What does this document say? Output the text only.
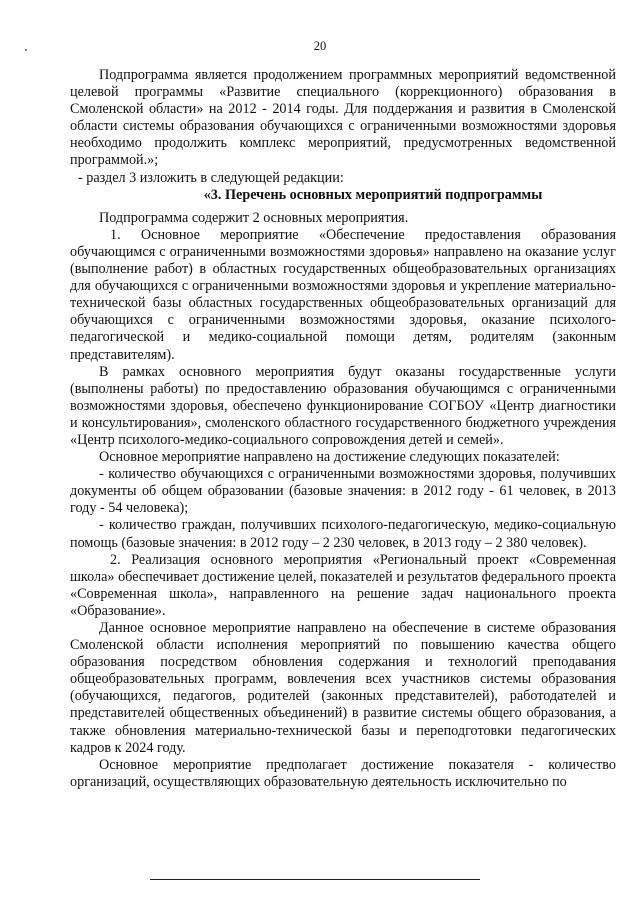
20

Подпрограмма является продолжением программных мероприятий ведомственной целевой программы «Развитие специального (коррекционного) образования в Смоленской области» на 2012 - 2014 годы. Для поддержания и развития в Смоленской области системы образования обучающихся с ограниченными возможностями здоровья необходимо продолжить комплекс мероприятий, предусмотренных ведомственной программой.»;

- раздел 3 изложить в следующей редакции:

«3. Перечень основных мероприятий подпрограммы

Подпрограмма содержит 2 основных мероприятия.

1. Основное мероприятие «Обеспечение предоставления образования обучающимся с ограниченными возможностями здоровья» направлено на оказание услуг (выполнение работ) в областных государственных общеобразовательных организациях для обучающихся с ограниченными возможностями здоровья и укрепление материально-технической базы областных государственных общеобразовательных организаций для обучающихся с ограниченными возможностями здоровья, оказание психолого-педагогической и медико-социальной помощи детям, родителям (законным представителям).

В рамках основного мероприятия будут оказаны государственные услуги (выполнены работы) по предоставлению образования обучающимся с ограниченными возможностями здоровья, обеспечено функционирование СОГБОУ «Центр диагностики и консультирования», смоленского областного государственного бюджетного учреждения «Центр психолого-медико-социального сопровождения детей и семей».

Основное мероприятие направлено на достижение следующих показателей:

- количество обучающихся с ограниченными возможностями здоровья, получивших документы об общем образовании (базовые значения: в 2012 году - 61 человек, в 2013 году - 54 человека);

- количество граждан, получивших психолого-педагогическую, медико-социальную помощь (базовые значения: в 2012 году – 2 230 человек, в 2013 году – 2 380 человек).

2. Реализация основного мероприятия «Региональный проект «Современная школа» обеспечивает достижение целей, показателей и результатов федерального проекта «Современная школа», направленного на решение задач национального проекта «Образование».

Данное основное мероприятие направлено на обеспечение в системе образования Смоленской области исполнения мероприятий по повышению качества общего образования посредством обновления содержания и технологий преподавания общеобразовательных программ, вовлечения всех участников системы образования (обучающихся, педагогов, родителей (законных представителей), работодателей и представителей общественных объединений) в развитие системы общего образования, а также обновления материально-технической базы и переподготовки педагогических кадров к 2024 году.

Основное мероприятие предполагает достижение показателя - количество организаций, осуществляющих образовательную деятельность исключительно по
